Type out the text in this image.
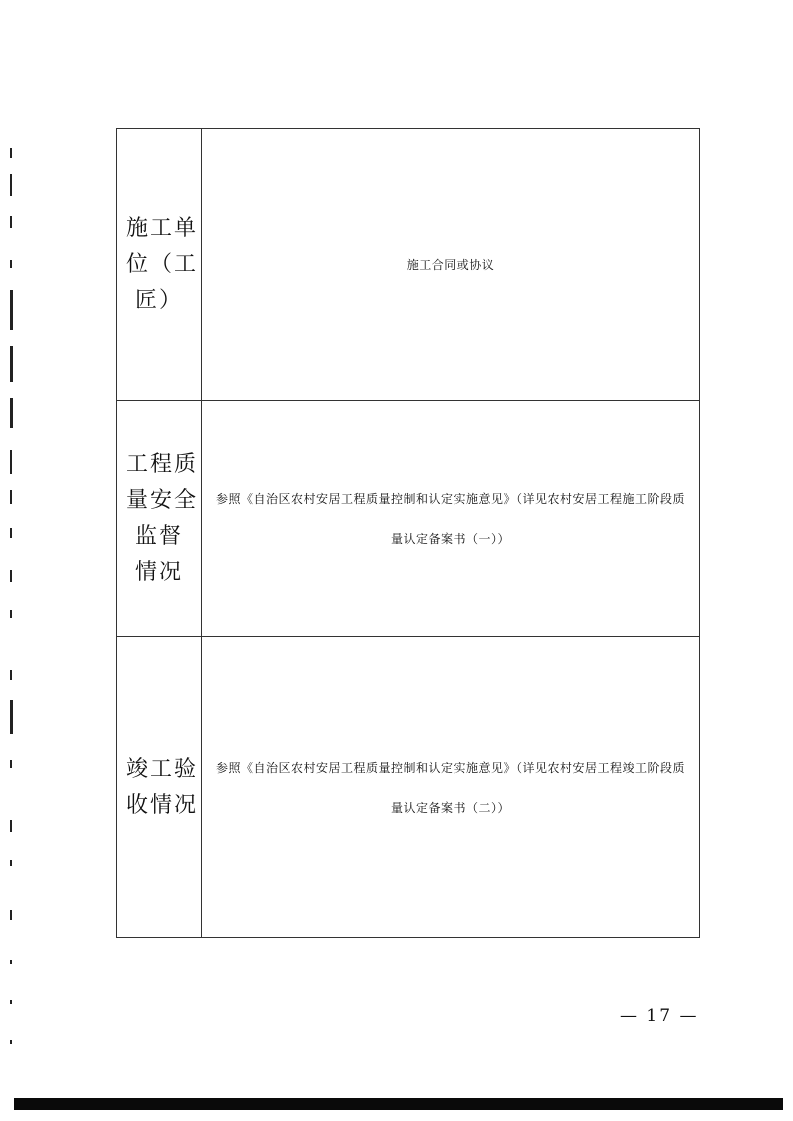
施工单
位（工
匠）
施工合同或协议
工程质
量安全
监督
情况
参照《自治区农村安居工程质量控制和认定实施意见》（详见农村安居工程施工阶段质
量认定备案书（一））
竣工验
收情况
参照《自治区农村安居工程质量控制和认定实施意见》（详见农村安居工程竣工阶段质
量认定备案书（二））
— 17 —
